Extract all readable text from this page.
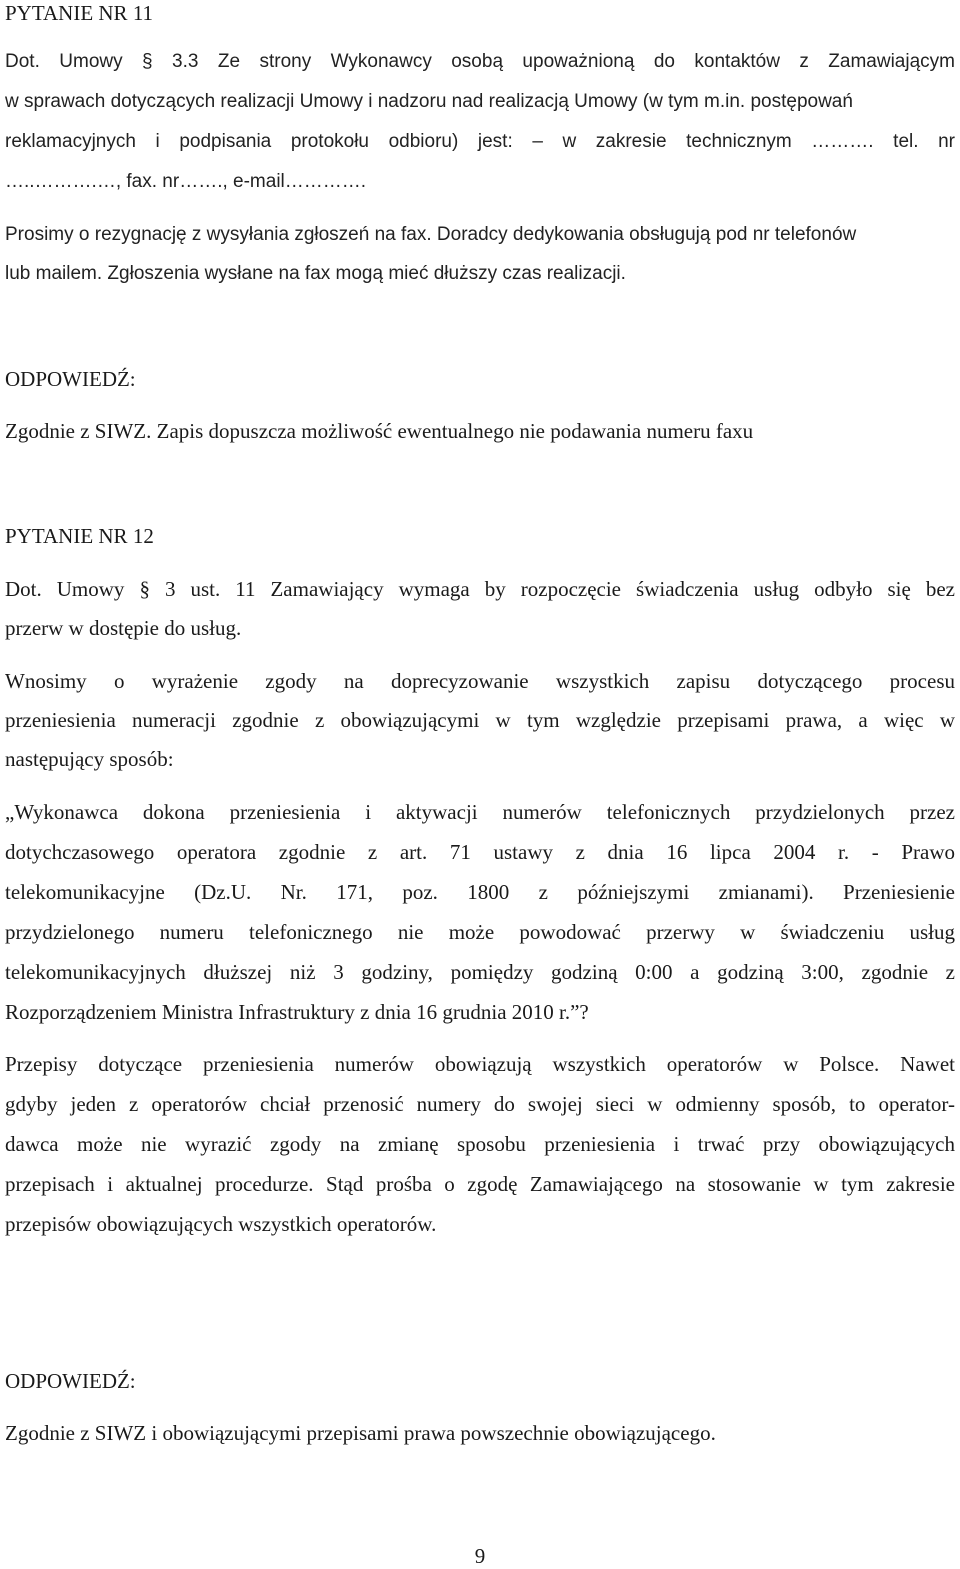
PYTANIE NR 11

Dot. Umowy § 3.3 Ze strony Wykonawcy osobą upoważnioną do kontaktów z Zamawiającym

w sprawach dotyczących realizacji Umowy i nadzoru nad realizacją Umowy (w tym m.in. postępowań

reklamacyjnych i podpisania protokołu odbioru) jest: – w zakresie technicznym ………. tel. nr

…..……….…, fax. nr……., e-mail………….

Prosimy o rezygnację z wysyłania zgłoszeń na fax. Doradcy dedykowania obsługują pod nr telefonów

lub mailem. Zgłoszenia wysłane na fax mogą mieć dłuższy czas realizacji.

ODPOWIEDŹ:

Zgodnie z SIWZ. Zapis dopuszcza możliwość ewentualnego nie podawania numeru faxu

PYTANIE NR 12

Dot. Umowy § 3 ust. 11 Zamawiający wymaga by rozpoczęcie świadczenia usług odbyło się bez

przerw w dostępie do usług.

Wnosimy o wyrażenie zgody na doprecyzowanie wszystkich zapisu dotyczącego procesu

przeniesienia numeracji zgodnie z obowiązującymi w tym względzie przepisami prawa, a więc w

następujący sposób:

„Wykonawca dokona przeniesienia i aktywacji numerów telefonicznych przydzielonych przez

dotychczasowego operatora zgodnie z art. 71 ustawy z dnia 16 lipca 2004 r. - Prawo

telekomunikacyjne (Dz.U. Nr. 171, poz. 1800 z późniejszymi zmianami). Przeniesienie

przydzielonego numeru telefonicznego nie może powodować przerwy w świadczeniu usług

telekomunikacyjnych dłuższej niż 3 godziny, pomiędzy godziną 0:00 a godziną 3:00, zgodnie z

Rozporządzeniem Ministra Infrastruktury z dnia 16 grudnia 2010 r.”?

Przepisy dotyczące przeniesienia numerów obowiązują wszystkich operatorów w Polsce. Nawet

gdyby jeden z operatorów chciał przenosić numery do swojej sieci w odmienny sposób, to operator-

dawca może nie wyrazić zgody na zmianę sposobu przeniesienia i trwać przy obowiązujących

przepisach i aktualnej procedurze. Stąd prośba o zgodę Zamawiającego na stosowanie w tym zakresie

przepisów obowiązujących wszystkich operatorów.

ODPOWIEDŹ:

Zgodnie z SIWZ i obowiązującymi przepisami prawa powszechnie obowiązującego.

9
